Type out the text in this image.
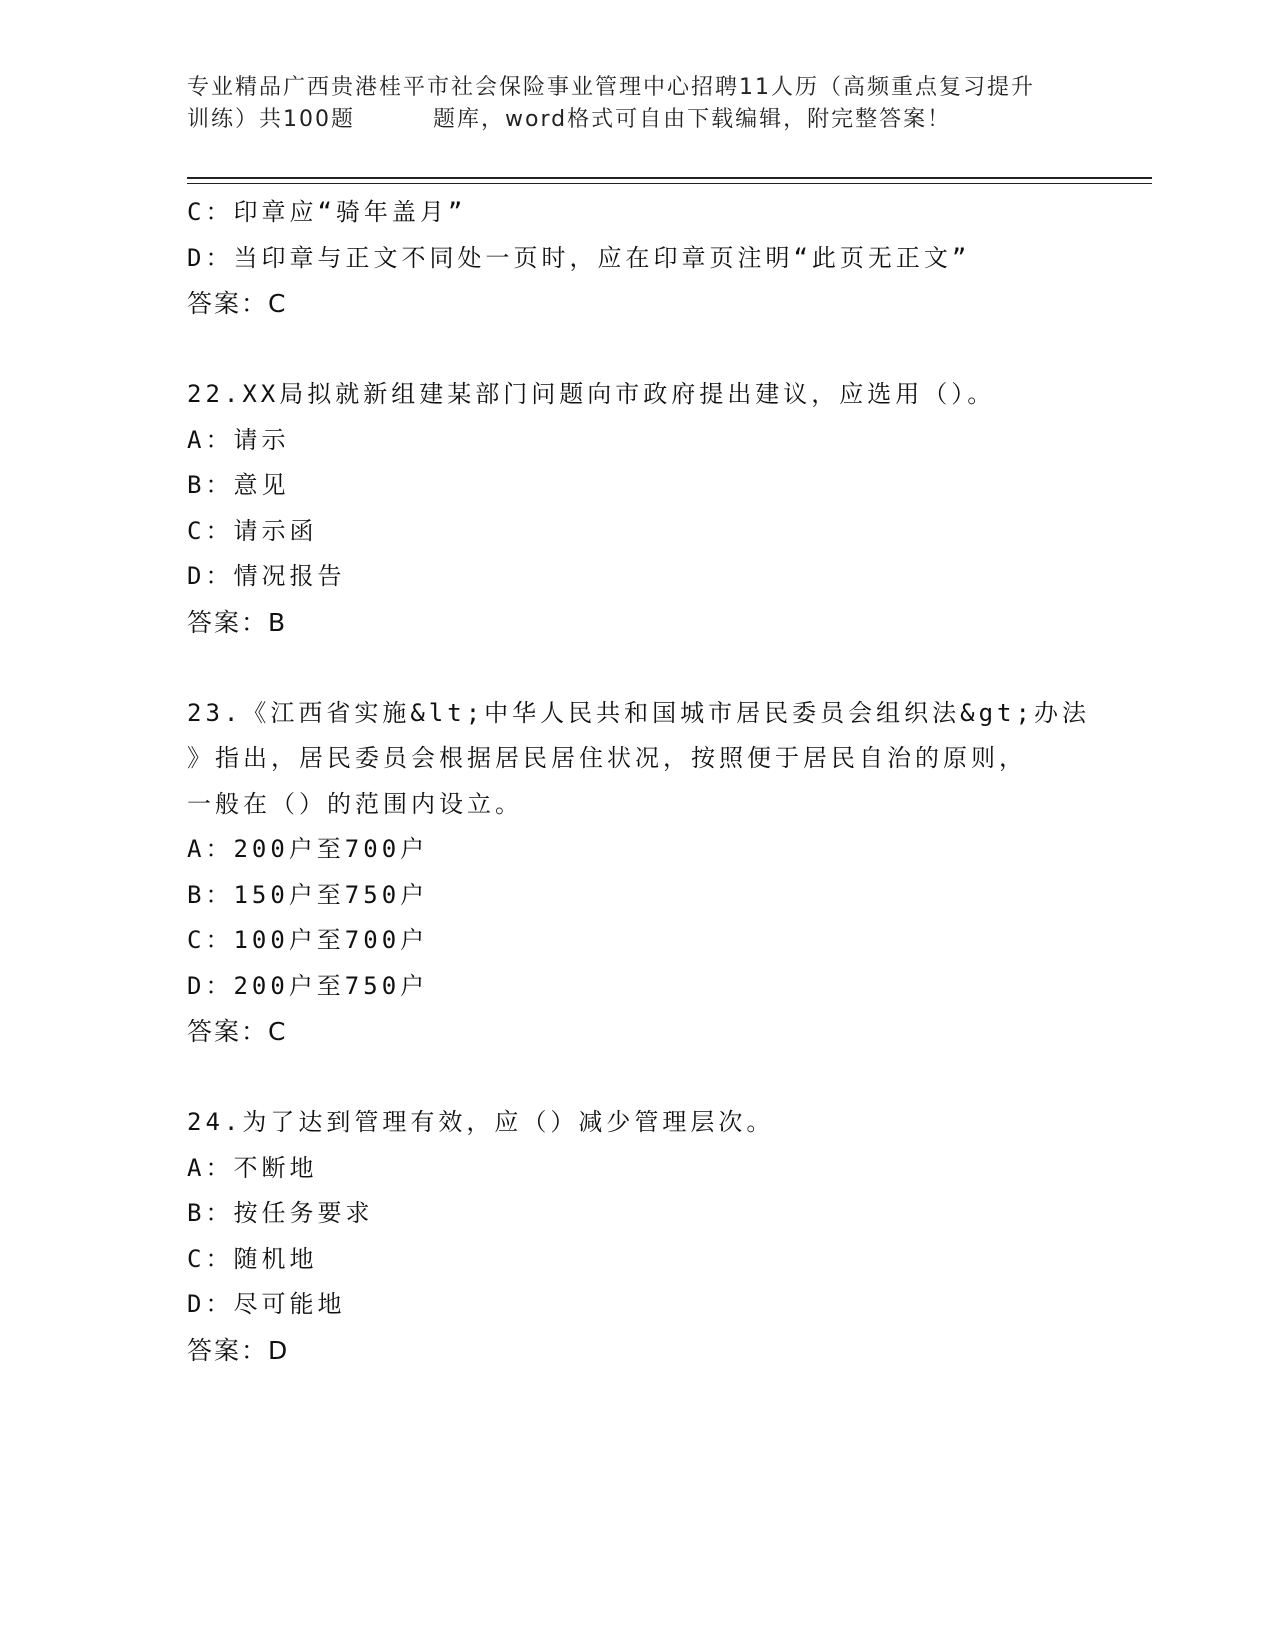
专业精品广西贵港桂平市社会保险事业管理中心招聘11人历（高频重点复习提升
训练）共100题	题库，word格式可自由下载编辑，附完整答案！
C：印章应“骑年盖月”
D：当印章与正文不同处一页时，应在印章页注明“此页无正文”
答案：C
22.XX局拟就新组建某部门问题向市政府提出建议，应选用（）。
A：请示
B：意见
C：请示函
D：情况报告
答案：B
23.《江西省实施&lt;中华人民共和国城市居民委员会组织法&gt;办法
》指出，居民委员会根据居民居住状况，按照便于居民自治的原则，
一般在（）的范围内设立。
A：200户至700户
B：150户至750户
C：100户至700户
D：200户至750户
答案：C
24.为了达到管理有效，应（）减少管理层次。
A：不断地
B：按任务要求
C：随机地
D：尽可能地
答案：D
